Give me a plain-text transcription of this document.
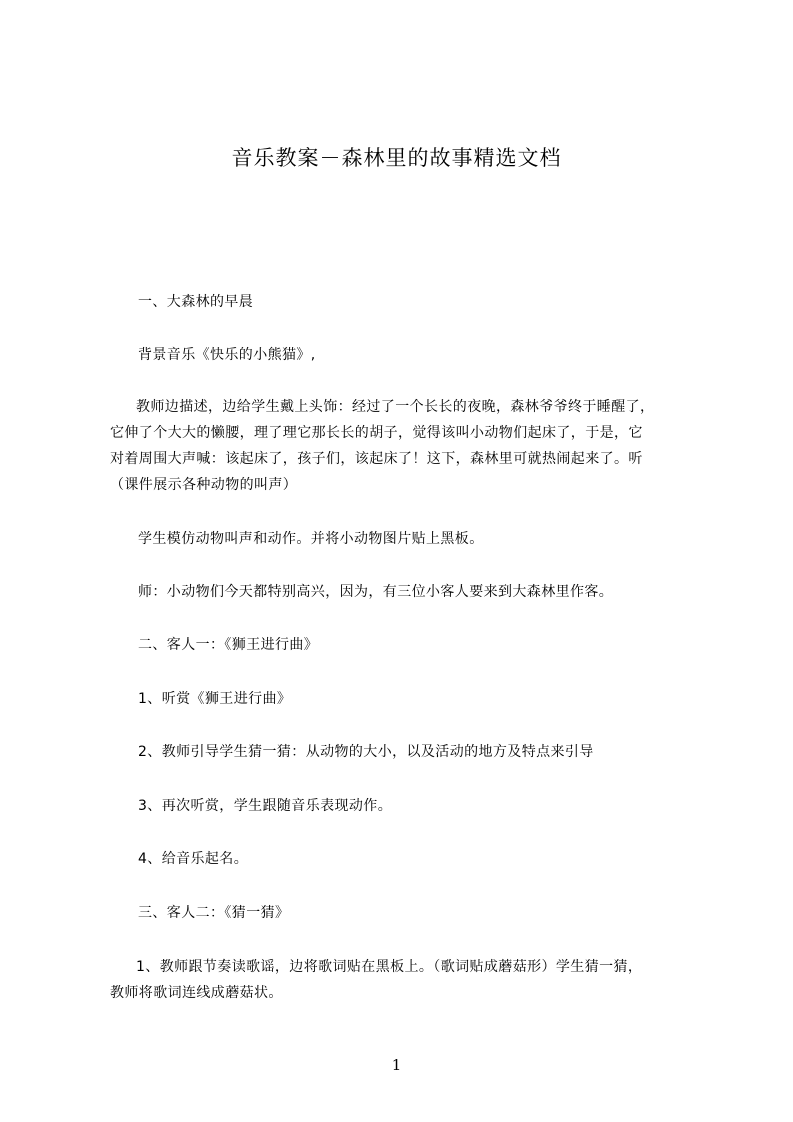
音乐教案－森林里的故事精选文档
一、大森林的早晨
背景音乐《快乐的小熊猫》,
教师边描述，边给学生戴上头饰：经过了一个长长的夜晚，森林爷爷终于睡醒了，
它伸了个大大的懒腰，理了理它那长长的胡子，觉得该叫小动物们起床了，于是，它
对着周围大声喊：该起床了，孩子们，该起床了！这下，森林里可就热闹起来了。听
（课件展示各种动物的叫声）
学生模仿动物叫声和动作。并将小动物图片贴上黑板。
师：小动物们今天都特别高兴，因为，有三位小客人要来到大森林里作客。
二、客人一：《狮王进行曲》
1、听赏《狮王进行曲》
2、教师引导学生猜一猜：从动物的大小，以及活动的地方及特点来引导
3、再次听赏，学生跟随音乐表现动作。
4、给音乐起名。
三、客人二：《猜一猜》
1、教师跟节奏读歌谣，边将歌词贴在黑板上。（歌词贴成蘑菇形）学生猜一猜，
教师将歌词连线成蘑菇状。
1
